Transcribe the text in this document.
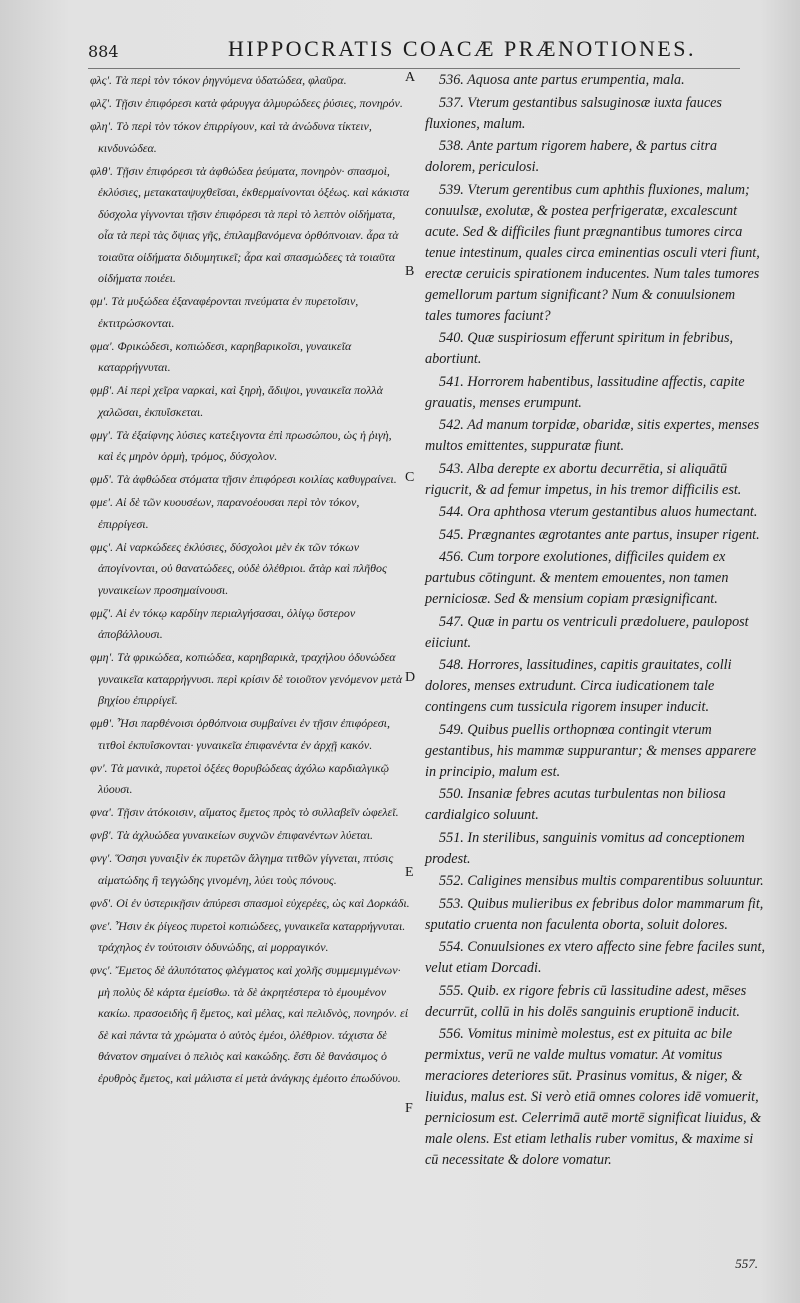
884	HIPPOCRATIS COACÆ PRÆNOTIONES.

φλς'. Τὰ περὶ τὸν τόκον ῥηγνύμενα ὑδατώδεα, φλαῦρα.

φλζ'. Τῇσιν ἐπιφόρεσι κατὰ φάρυγγα ἁλμυρώδεες ῥύσιες, πονηρόν.

φλη'. Τὸ περὶ τὸν τόκον ἐπιρρίγουν, καὶ τὰ ἀνώδυνα τίκτειν, κινδυνώδεα.

φλθ'. Τῇσιν ἐπιφόρεσι τὰ ἀφθώδεα ῥεύματα, πονηρὸν· σπασμοὶ, ἐκλύσιες, μετακαταψυχθεῖσαι, ἐκθερμαίνονται ὀξέως. καὶ κάκιστα δύσχολα γίγνονται τῇσιν ἐπιφόρεσι τὰ περὶ τὸ λεπτὸν οἰδήματα, οἷα τὰ περὶ τὰς ὄψιας γῆς, ἐπιλαμβανόμενα ὀρθόπνοιαν. ἆρα τὰ τοιαῦτα οἰδήματα διδυμητικεῖ; ἆρα καὶ σπασμώδεες τὰ τοιαῦτα οἰδήματα ποιέει.

φμ'. Τὰ μυξώδεα ἐξαναφέρονται πνεύματα ἐν πυρετοῖσιν, ἐκτιτρώσκονται.

φμα'. Φρικώδεσι, κοπιώδεσι, καρηβαρικοῖσι, γυναικεῖα καταρρήγνυται.

φμβ'. Αἱ περὶ χεῖρα ναρκαὶ, καὶ ξηρὴ, ἄδιψοι, γυναικεῖα πολλὰ χαλῶσαι, ἐκπυΐσκεται.

φμγ'. Τὰ ἐξαίφνης λύσιες κατεξιγοντα ἐπὶ πρωσώπου, ὡς ἡ ῥιγὴ, καὶ ἐς μηρὸν ὁρμὴ, τρόμος, δύσχολον.

φμδ'. Τὰ ἀφθώδεα στόματα τῇσιν ἐπιφόρεσι κοιλίας καθυγραίνει.

φμε'. Αἱ δὲ τῶν κυουσέων, παρανοέουσαι περὶ τὸν τόκον, ἐπιρρίγεσι.

φμς'. Αἱ ναρκώδεες ἐκλύσιες, δύσχολοι μὲν ἐκ τῶν τόκων ἀπογίνονται, οὐ θανατώδεες, οὐδὲ ὀλέθριοι. ἄτὰρ καὶ πλῆθος γυναικείων προσημαίνουσι.

φμζ'. Αἱ ἐν τόκῳ καρδίην περιαλγήσασαι, ὀλίγῳ ὕστερον ἀποβάλλουσι.

φμη'. Τὰ φρικώδεα, κοπιώδεα, καρηβαρικὰ, τραχήλου ὀδυνώδεα γυναικεῖα καταρρήγνυσι. περὶ κρίσιν δὲ τοιοῦτον γενόμενον μετὰ βηχίου ἐπιρρίγεῖ.

φμθ'. Ἦσι παρθένοισι ὀρθόπνοια συμβαίνει ἐν τῇσιν ἐπιφόρεσι, τιτθοὶ ἐκπυΐσκονται· γυναικεῖα ἐπιφανέντα ἐν ἀρχῇ κακόν.

φν'. Τὰ μανικὰ, πυρετοὶ ὀξέες θορυβώδεας ἀχόλω καρδιαλγικῷ λύουσι.

φνα'. Τῇσιν ἀτόκοισιν, αἵματος ἔμετος πρὸς τὸ συλλαβεῖν ὠφελεῖ.

φνβ'. Τὰ ἀχλυώδεα γυναικείων συχνῶν ἐπιφανέντων λύεται.

φνγ'. Ὅσησι γυναιξὶν ἐκ πυρετῶν ἄλγημα τιτθῶν γίγνεται, πτύσις αἱματώδης ἢ τεγγώδης γινομένη, λύει τοὺς πόνους.

φνδ'. Οἱ ἐν ὑστερικῇσιν ἀπύρεσι σπασμοὶ εὐχερέες, ὡς καὶ Δορκάδι.

φνε'. Ἦσιν ἐκ ῥίγεος πυρετοὶ κοπιώδεες, γυναικεῖα καταρρήγνυται. τράχηλος ἐν τούτοισιν ὀδυνώδης, αἱ μορραγικόν.

φνς'. Ἔμετος δὲ ἀλυπότατος φλέγματος καὶ χολῆς συμμεμιγμένων· μὴ πολὺς δὲ κάρτα ἐμείσθω. τὰ δὲ ἀκρητέστερα τὸ ἐμουμένον κακίω. πρασοειδὴς ἢ ἔμετος, καὶ μέλας, καὶ πελιδνὸς, πονηρόν. εἰ δὲ καὶ πάντα τὰ χρώματα ὁ αὐτὸς ἐμέοι, ὀλέθριον. τάχιστα δὲ θάνατον σημαίνει ὁ πελιὸς καὶ κακώδης. ἔστι δὲ θανάσιμος ὁ ἐρυθρὸς ἔμετος, καὶ μάλιστα εἰ μετὰ ἀνάγκης ἐμέοιτο ἐπωδύνου.

A
B
C
D
E
F

536. Aquosa ante partus erumpentia, mala.

537. Vterum gestantibus salsuginosæ iuxta fauces fluxiones, malum.

538. Ante partum rigorem habere, & partus citra dolorem, periculosi.

539. Vterum gerentibus cum aphthis fluxiones, malum; conuulsæ, exolutæ, & postea perfrigeratæ, excalescunt acute. Sed & difficiles fiunt prægnantibus tumores circa tenue intestinum, quales circa eminentias osculi vteri fiunt, erectæ ceruicis spirationem inducentes. Num tales tumores gemellorum partum significant? Num & conuulsionem tales tumores faciunt?

540. Quæ suspiriosum efferunt spiritum in febribus, abortiunt.

541. Horrorem habentibus, lassitudine affectis, capite grauatis, menses erumpunt.

542. Ad manum torpidæ, obaridæ, sitis expertes, menses multos emittentes, suppuratæ fiunt.

543. Alba derepte ex abortu decurrētia, si aliquātū rigucrit, & ad femur impetus, in his tremor difficilis est.

544. Ora aphthosa vterum gestantibus aluos humectant.

545. Prægnantes ægrotantes ante partus, insuper rigent.

456. Cum torpore exolutiones, difficiles quidem ex partubus cōtingunt. & mentem emouentes, non tamen perniciosæ. Sed & mensium copiam præsignificant.

547. Quæ in partu os ventriculi prædoluere, paulopost eiiciunt.

548. Horrores, lassitudines, capitis grauitates, colli dolores, menses extrudunt. Circa iudicationem tale contingens cum tussicula rigorem insuper inducit.

549. Quibus puellis orthopnœa contingit vterum gestantibus, his mammæ suppurantur; & menses apparere in principio, malum est.

550. Insaniæ febres acutas turbulentas non biliosa cardialgico soluunt.

551. In sterilibus, sanguinis vomitus ad conceptionem prodest.

552. Caligines mensibus multis comparentibus soluuntur.

553. Quibus mulieribus ex febribus dolor mammarum fit, sputatio cruenta non faculenta oborta, soluit dolores.

554. Conuulsiones ex vtero affecto sine febre faciles sunt, velut etiam Dorcadi.

555. Quib. ex rigore febris cū lassitudine adest, mēses decurrūt, collū in his dolēs sanguinis eruptionē inducit.

556. Vomitus minimè molestus, est ex pituita ac bile permixtus, verū ne valde multus vomatur. At vomitus meraciores deteriores sūt. Prasinus vomitus, & niger, & liuidus, malus est. Si verò etiā omnes colores idē vomuerit, perniciosum est. Celerrimā autē mortē significat liuidus, & male olens. Est etiam lethalis ruber vomitus, & maxime si cū necessitate & dolore vomatur.

557.
